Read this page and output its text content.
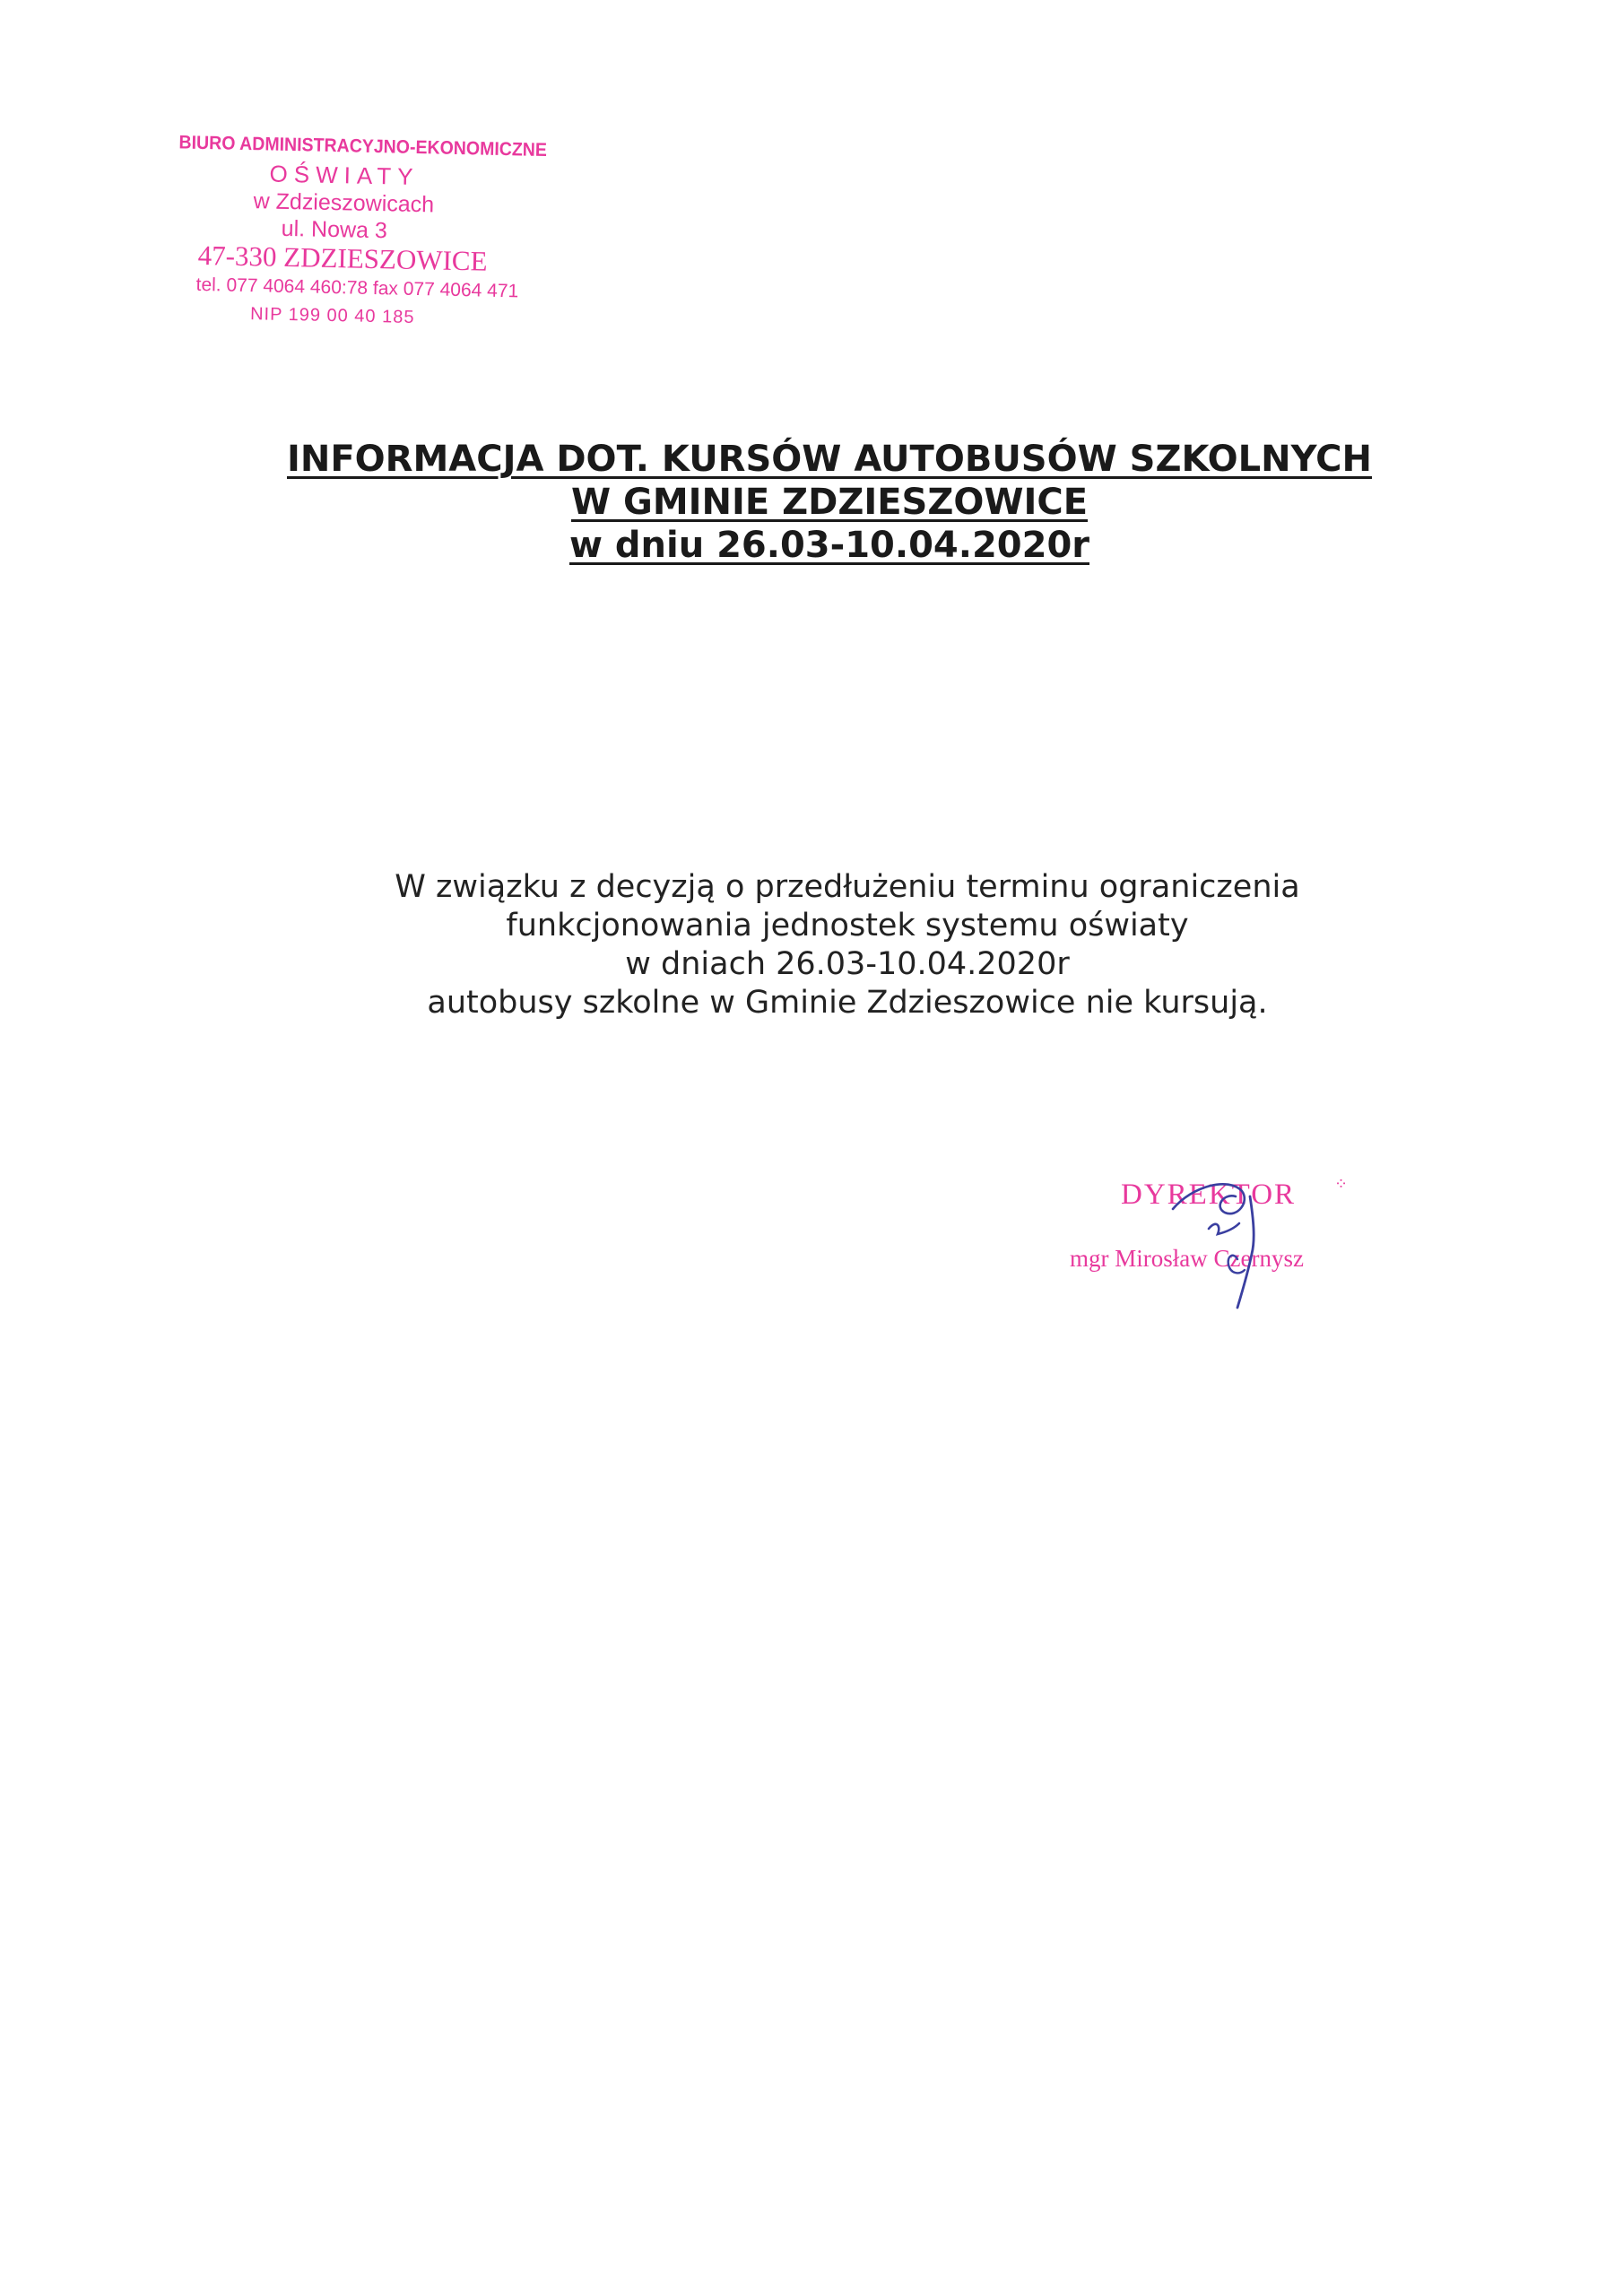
BIURO ADMINISTRACYJNO-EKONOMICZNE
OŚWIATY
w Zdzieszowicach
ul. Nowa 3
47-330 ZDZIESZOWICE
tel. 077 4064 460:78 fax 077 4064 471
NIP 199 00 40 185
INFORMACJA DOT. KURSÓW AUTOBUSÓW SZKOLNYCH
W GMINIE ZDZIESZOWICE
w dniu 26.03-10.04.2020r
W związku z decyzją o przedłużeniu terminu ograniczenia
funkcjonowania jednostek systemu oświaty
w dniach 26.03-10.04.2020r
autobusy szkolne w Gminie Zdzieszowice nie kursują.
DYREKTOR
mgr Mirosław Czernysz
⁘
